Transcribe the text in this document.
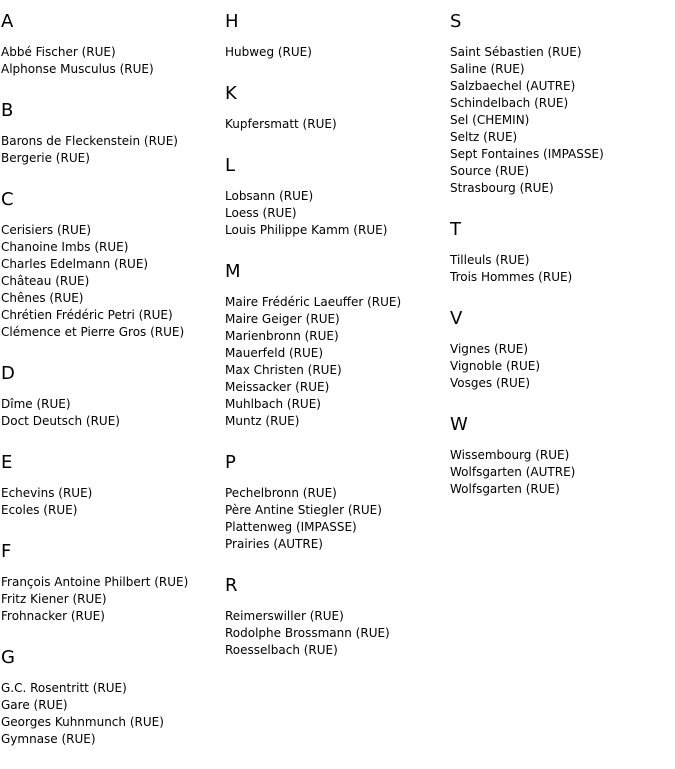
A
Abbé Fischer (RUE)
Alphonse Musculus (RUE)
B
Barons de Fleckenstein (RUE)
Bergerie (RUE)
C
Cerisiers (RUE)
Chanoine Imbs (RUE)
Charles Edelmann (RUE)
Château (RUE)
Chênes (RUE)
Chrétien Frédéric Petri (RUE)
Clémence et Pierre Gros (RUE)
D
Dîme (RUE)
Doct Deutsch (RUE)
E
Echevins (RUE)
Ecoles (RUE)
F
François Antoine Philbert (RUE)
Fritz Kiener (RUE)
Frohnacker (RUE)
G
G.C. Rosentritt (RUE)
Gare (RUE)
Georges Kuhnmunch (RUE)
Gymnase (RUE)
H
Hubweg (RUE)
K
Kupfersmatt (RUE)
L
Lobsann (RUE)
Loess (RUE)
Louis Philippe Kamm (RUE)
M
Maire Frédéric Laeuffer (RUE)
Maire Geiger (RUE)
Marienbronn (RUE)
Mauerfeld (RUE)
Max Christen (RUE)
Meissacker (RUE)
Muhlbach (RUE)
Muntz (RUE)
P
Pechelbronn (RUE)
Père Antine Stiegler (RUE)
Plattenweg (IMPASSE)
Prairies (AUTRE)
R
Reimerswiller (RUE)
Rodolphe Brossmann (RUE)
Roesselbach (RUE)
S
Saint Sébastien (RUE)
Saline (RUE)
Salzbaechel (AUTRE)
Schindelbach (RUE)
Sel (CHEMIN)
Seltz (RUE)
Sept Fontaines (IMPASSE)
Source (RUE)
Strasbourg (RUE)
T
Tilleuls (RUE)
Trois Hommes (RUE)
V
Vignes (RUE)
Vignoble (RUE)
Vosges (RUE)
W
Wissembourg (RUE)
Wolfsgarten (AUTRE)
Wolfsgarten (RUE)
